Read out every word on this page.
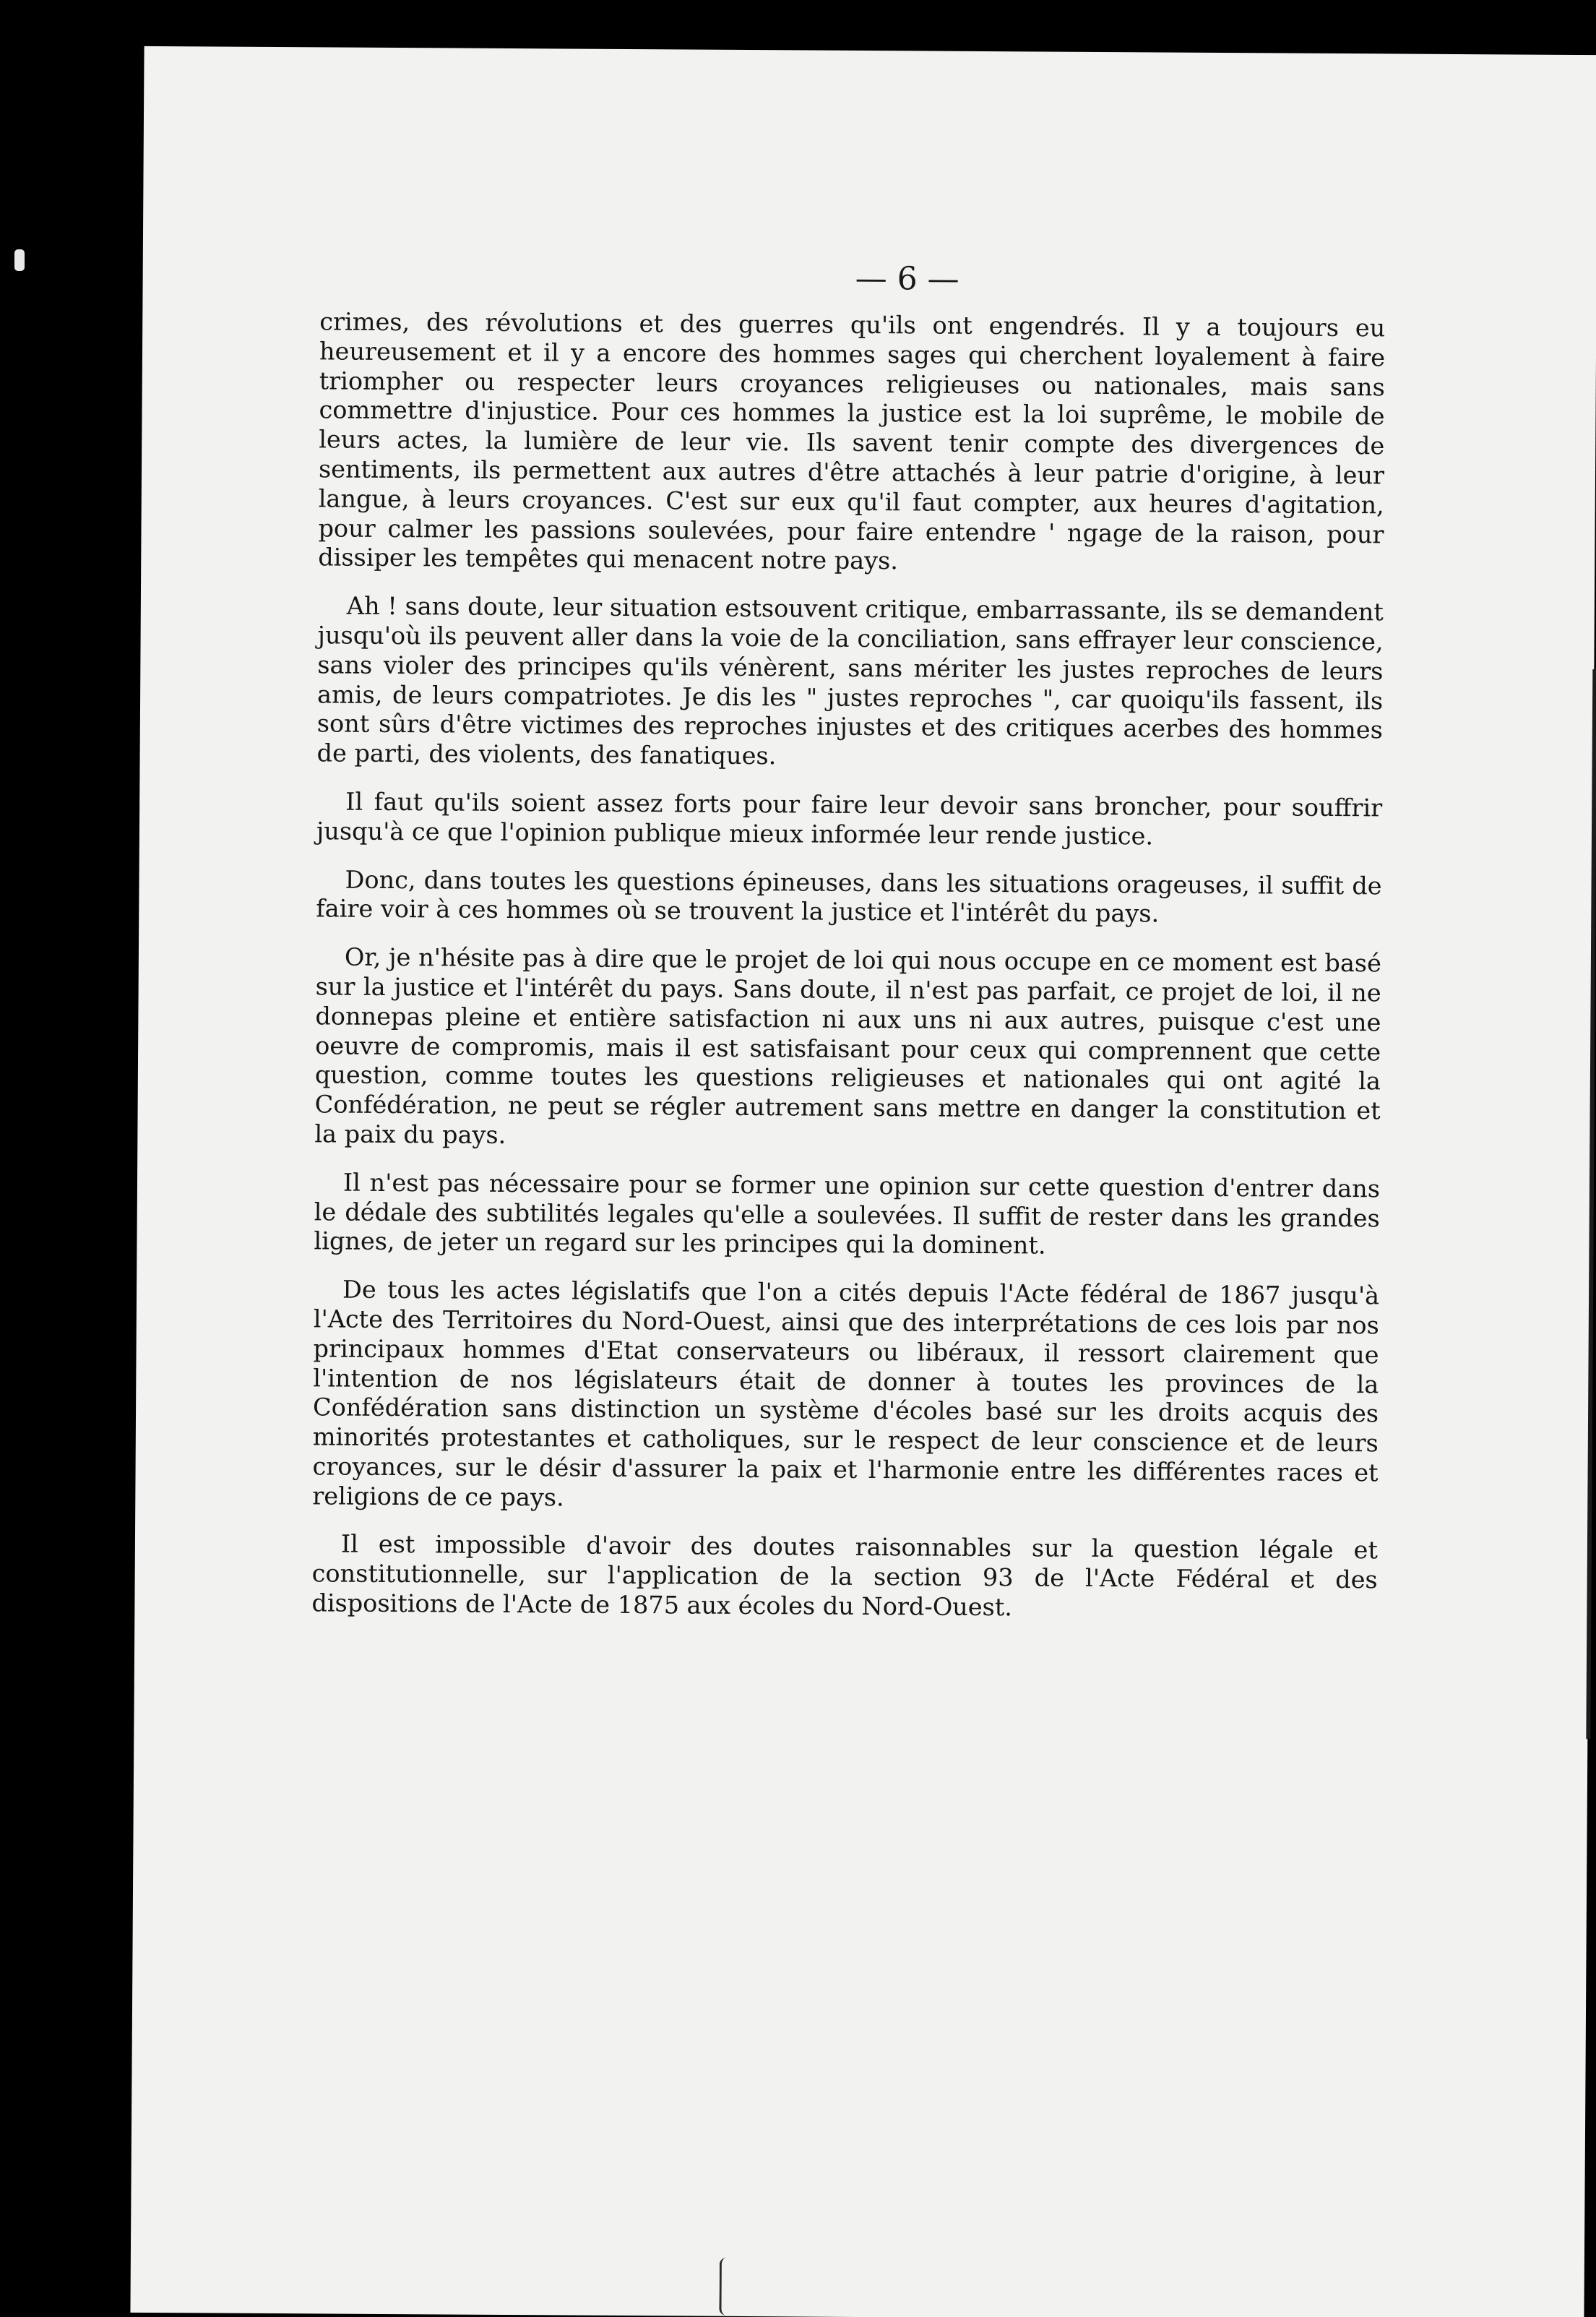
— 6 —

crimes, des révolutions et des guerres qu'ils ont engendrés. Il y a toujours eu heureusement et il y a encore des hommes sages qui cherchent loyalement à faire triompher ou respecter leurs croyances religieuses ou nationales, mais sans commettre d'injustice. Pour ces hommes la justice est la loi suprême, le mobile de leurs actes, la lumière de leur vie. Ils savent tenir compte des divergences de sentiments, ils permettent aux autres d'être attachés à leur patrie d'origine, à leur langue, à leurs croyances. C'est sur eux qu'il faut compter, aux heures d'agitation, pour calmer les passions soulevées, pour faire entendre ' ngage de la raison, pour dissiper les tempêtes qui menacent notre pays.

Ah ! sans doute, leur situation estsouvent critique, embarrassante, ils se demandent jusqu'où ils peuvent aller dans la voie de la conciliation, sans effrayer leur conscience, sans violer des principes qu'ils vénèrent, sans mériter les justes reproches de leurs amis, de leurs compatriotes. Je dis les " justes reproches ", car quoiqu'ils fassent, ils sont sûrs d'être victimes des reproches injustes et des critiques acerbes des hommes de parti, des violents, des fanatiques.

Il faut qu'ils soient assez forts pour faire leur devoir sans broncher, pour souffrir jusqu'à ce que l'opinion publique mieux informée leur rende justice.

Donc, dans toutes les questions épineuses, dans les situations orageuses, il suffit de faire voir à ces hommes où se trouvent la justice et l'intérêt du pays.

Or, je n'hésite pas à dire que le projet de loi qui nous occupe en ce moment est basé sur la justice et l'intérêt du pays. Sans doute, il n'est pas parfait, ce projet de loi, il ne donnepas pleine et entière satisfaction ni aux uns ni aux autres, puisque c'est une oeuvre de compromis, mais il est satisfaisant pour ceux qui comprennent que cette question, comme toutes les questions religieuses et nationales qui ont agité la Confédération, ne peut se régler autrement sans mettre en danger la constitution et la paix du pays.

Il n'est pas nécessaire pour se former une opinion sur cette question d'entrer dans le dédale des subtilités legales qu'elle a soulevées. Il suffit de rester dans les grandes lignes, de jeter un regard sur les principes qui la dominent.

De tous les actes législatifs que l'on a cités depuis l'Acte fédéral de 1867 jusqu'à l'Acte des Territoires du Nord-Ouest, ainsi que des interprétations de ces lois par nos principaux hommes d'Etat conservateurs ou libéraux, il ressort clairement que l'intention de nos législateurs était de donner à toutes les provinces de la Confédération sans distinction un système d'écoles basé sur les droits acquis des minorités protestantes et catholiques, sur le respect de leur conscience et de leurs croyances, sur le désir d'assurer la paix et l'harmonie entre les différentes races et religions de ce pays.

Il est impossible d'avoir des doutes raisonnables sur la question légale et constitutionnelle, sur l'application de la section 93 de l'Acte Fédéral et des dispositions de l'Acte de 1875 aux écoles du Nord-Ouest.
